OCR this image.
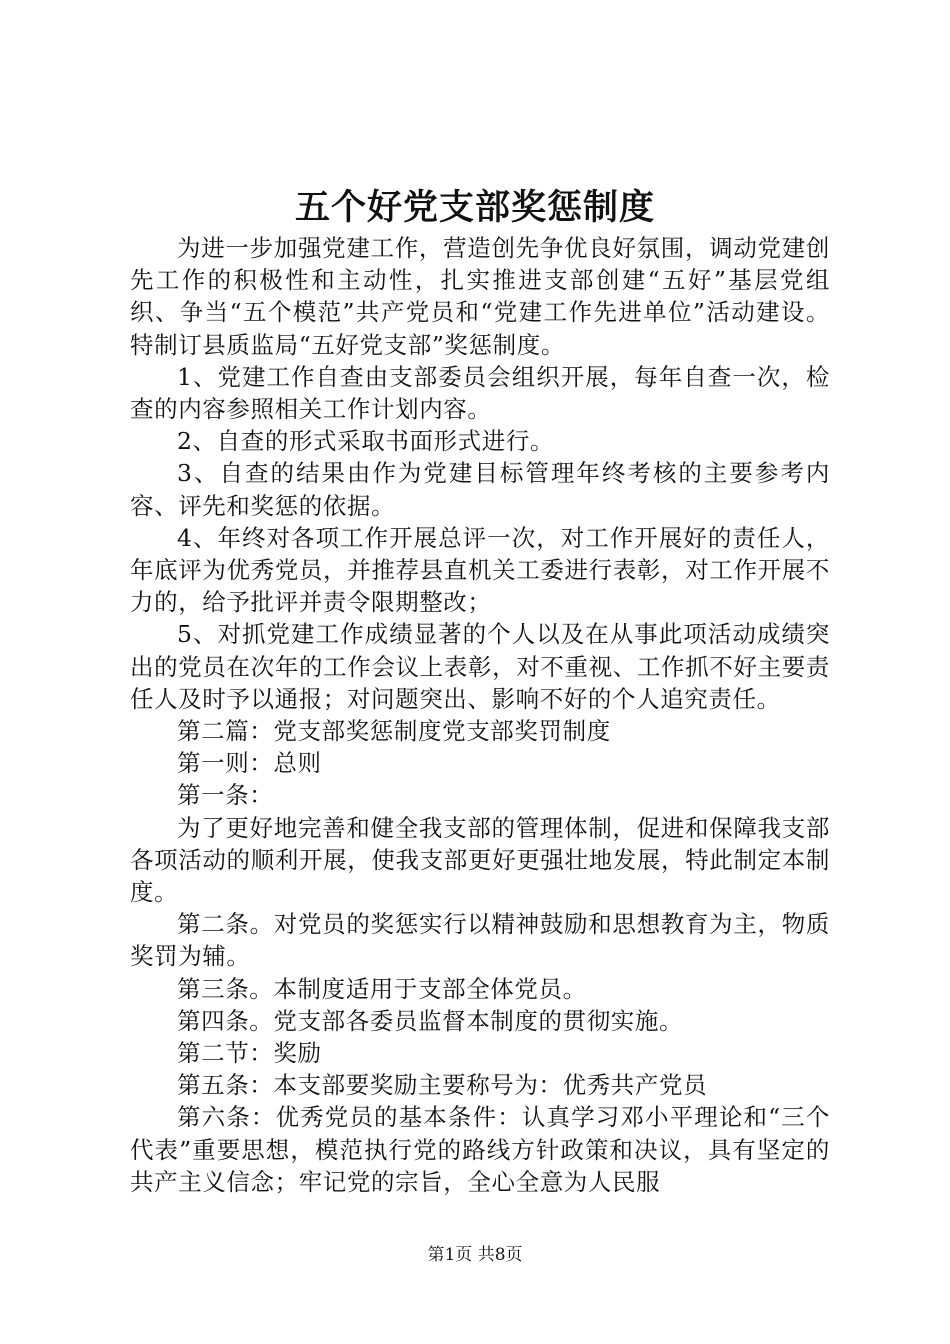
五个好党支部奖惩制度

为进一步加强党建工作，营造创先争优良好氛围，调动党建创先工作的积极性和主动性，扎实推进支部创建“五好”基层党组织、争当“五个模范”共产党员和“党建工作先进单位”活动建设。特制订县质监局“五好党支部”奖惩制度。

1、党建工作自查由支部委员会组织开展，每年自查一次，检查的内容参照相关工作计划内容。

2、自查的形式采取书面形式进行。

3、自查的结果由作为党建目标管理年终考核的主要参考内容、评先和奖惩的依据。

4、年终对各项工作开展总评一次，对工作开展好的责任人，年底评为优秀党员，并推荐县直机关工委进行表彰，对工作开展不力的，给予批评并责令限期整改；

5、对抓党建工作成绩显著的个人以及在从事此项活动成绩突出的党员在次年的工作会议上表彰，对不重视、工作抓不好主要责任人及时予以通报；对问题突出、影响不好的个人追究责任。

第二篇：党支部奖惩制度党支部奖罚制度

第一则：总则

第一条：

为了更好地完善和健全我支部的管理体制，促进和保障我支部各项活动的顺利开展，使我支部更好更强壮地发展，特此制定本制度。

第二条。对党员的奖惩实行以精神鼓励和思想教育为主，物质奖罚为辅。

第三条。本制度适用于支部全体党员。

第四条。党支部各委员监督本制度的贯彻实施。

第二节：奖励

第五条：本支部要奖励主要称号为：优秀共产党员

第六条：优秀党员的基本条件：认真学习邓小平理论和“三个代表”重要思想，模范执行党的路线方针政策和决议，具有坚定的共产主义信念；牢记党的宗旨，全心全意为人民服

第1页 共8页
